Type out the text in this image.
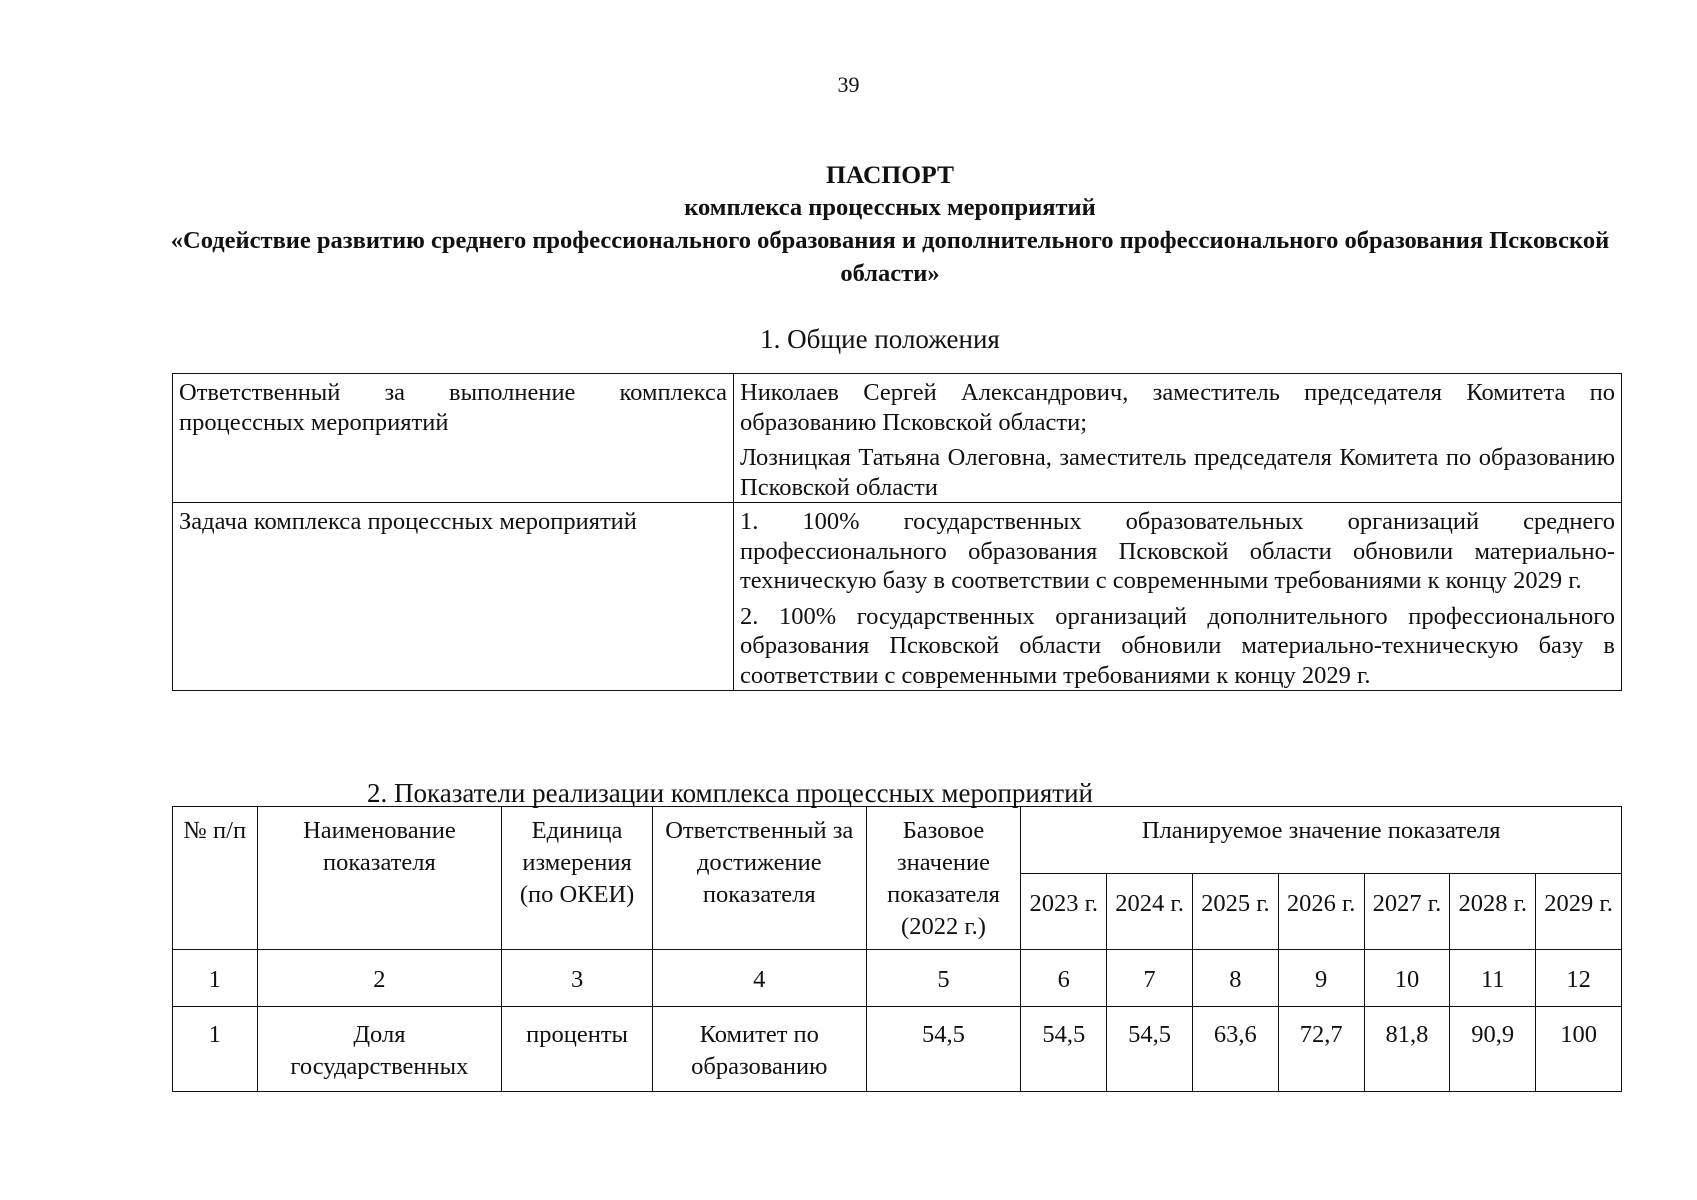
39
ПАСПОРТ
комплекса процессных мероприятий
«Содействие развитию среднего профессионального образования и дополнительного профессионального образования Псковской области»
1. Общие положения
Ответственный за выполнение комплекса процессных мероприятий	Николаев Сергей Александрович, заместитель председателя Комитета по образованию Псковской области;

Лозницкая Татьяна Олеговна, заместитель председателя Комитета по образованию Псковской области

Задача комплекса процессных мероприятий	1. 100% государственных образовательных организаций среднего профессионального образования Псковской области обновили материально-техническую базу в соответствии с современными требованиями к концу 2029 г.

2. 100% государственных организаций дополнительного профессионального образования Псковской области обновили материально-техническую базу в соответствии с современными требованиями к концу 2029 г.

2. Показатели реализации комплекса процессных мероприятий
№ п/п	Наименование показателя	Единица измерения (по ОКЕИ)	Ответственный за достижение показателя	Базовое значение показателя (2022 г.)	Планируемое значение показателя						
					2023 г.	2024 г.	2025 г.	2026 г.	2027 г.	2028 г.	2029 г.
1	2	3	4	5	6	7	8	9	10	11	12
1	Доля государственных	проценты	Комитет по образованию	54,5	54,5	54,5	63,6	72,7	81,8	90,9	100
